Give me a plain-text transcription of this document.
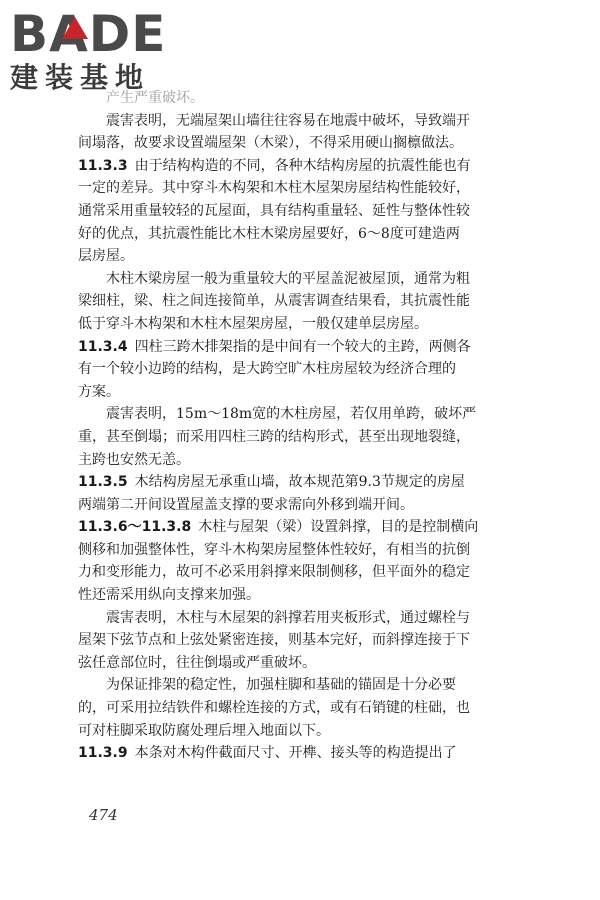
BADE
建装基地

产生严重破坏。

震害表明，无端屋架山墙往往容易在地震中破坏，导致端开

间塌落，故要求设置端屋架（木梁），不得采用硬山搁檩做法。

11.3.3  由于结构构造的不同，各种木结构房屋的抗震性能也有

一定的差异。其中穿斗木构架和木柱木屋架房屋结构性能较好，

通常采用重量较轻的瓦屋面，具有结构重量轻、延性与整体性较

好的优点，其抗震性能比木柱木梁房屋要好，6～8度可建造两

层房屋。

木柱木梁房屋一般为重量较大的平屋盖泥被屋顶，通常为粗

梁细柱，梁、柱之间连接简单，从震害调查结果看，其抗震性能

低于穿斗木构架和木柱木屋架房屋，一般仅建单层房屋。

11.3.4  四柱三跨木排架指的是中间有一个较大的主跨，两侧各

有一个较小边跨的结构，是大跨空旷木柱房屋较为经济合理的

方案。

震害表明，15m～18m宽的木柱房屋，若仅用单跨，破坏严

重，甚至倒塌；而采用四柱三跨的结构形式，甚至出现地裂缝，

主跨也安然无恙。

11.3.5  木结构房屋无承重山墙，故本规范第9.3节规定的房屋

两端第二开间设置屋盖支撑的要求需向外移到端开间。

11.3.6～11.3.8  木柱与屋架（梁）设置斜撑，目的是控制横向

侧移和加强整体性，穿斗木构架房屋整体性较好，有相当的抗倒

力和变形能力，故可不必采用斜撑来限制侧移，但平面外的稳定

性还需采用纵向支撑来加强。

震害表明，木柱与木屋架的斜撑若用夹板形式，通过螺栓与

屋架下弦节点和上弦处紧密连接，则基本完好，而斜撑连接于下

弦任意部位时，往往倒塌或严重破坏。

为保证排架的稳定性，加强柱脚和基础的锚固是十分必要

的，可采用拉结铁件和螺栓连接的方式，或有石销键的柱础，也

可对柱脚采取防腐处理后埋入地面以下。

11.3.9  本条对木构件截面尺寸、开榫、接头等的构造提出了

474
